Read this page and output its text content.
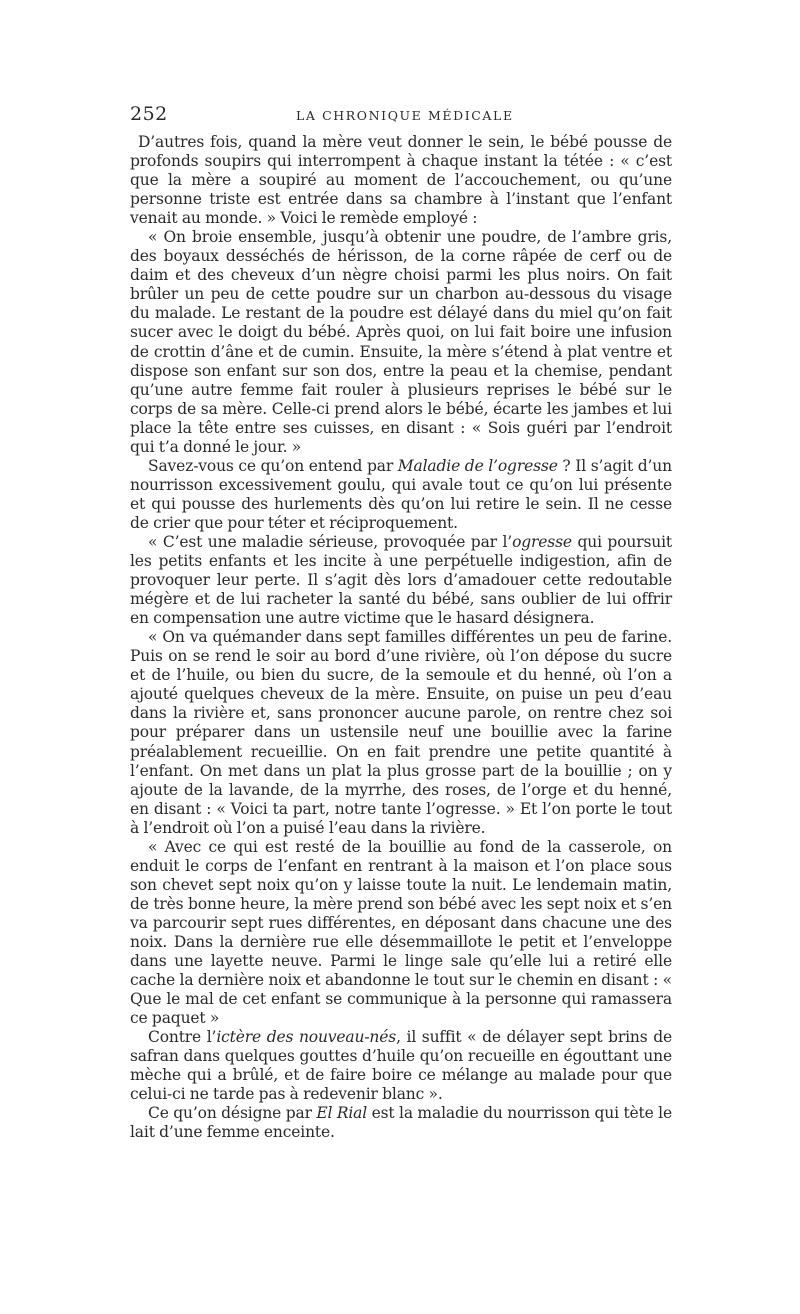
252	LA CHRONIQUE MÉDICALE

D’autres fois, quand la mère veut donner le sein, le bébé pousse de profonds soupirs qui interrompent à chaque instant la tétée : « c’est que la mère a soupiré au moment de l’accouchement, ou qu’une personne triste est entrée dans sa chambre à l’instant que l’enfant venait au monde. » Voici le remède employé :

« On broie ensemble, jusqu’à obtenir une poudre, de l’ambre gris, des boyaux desséchés de hérisson, de la corne râpée de cerf ou de daim et des cheveux d’un nègre choisi parmi les plus noirs. On fait brûler un peu de cette poudre sur un charbon au-dessous du visage du malade. Le restant de la poudre est délayé dans du miel qu’on fait sucer avec le doigt du bébé. Après quoi, on lui fait boire une infusion de crottin d’âne et de cumin. Ensuite, la mère s’étend à plat ventre et dispose son enfant sur son dos, entre la peau et la chemise, pendant qu’une autre femme fait rouler à plusieurs reprises le bébé sur le corps de sa mère. Celle-ci prend alors le bébé, écarte les jambes et lui place la tête entre ses cuisses, en disant : « Sois guéri par l’endroit qui t’a donné le jour. »

Savez-vous ce qu’on entend par Maladie de l’ogresse ? Il s’agit d’un nourrisson excessivement goulu, qui avale tout ce qu’on lui présente et qui pousse des hurlements dès qu’on lui retire le sein. Il ne cesse de crier que pour téter et réciproquement.

« C’est une maladie sérieuse, provoquée par l’ogresse qui poursuit les petits enfants et les incite à une perpétuelle indigestion, afin de provoquer leur perte. Il s’agit dès lors d’amadouer cette redoutable mégère et de lui racheter la santé du bébé, sans oublier de lui offrir en compensation une autre victime que le hasard désignera.

« On va quémander dans sept familles différentes un peu de farine. Puis on se rend le soir au bord d’une rivière, où l’on dépose du sucre et de l’huile, ou bien du sucre, de la semoule et du henné, où l’on a ajouté quelques cheveux de la mère. Ensuite, on puise un peu d’eau dans la rivière et, sans prononcer aucune parole, on rentre chez soi pour préparer dans un ustensile neuf une bouillie avec la farine préalablement recueillie. On en fait prendre une petite quantité à l’enfant. On met dans un plat la plus grosse part de la bouillie ; on y ajoute de la lavande, de la myrrhe, des roses, de l’orge et du henné, en disant : « Voici ta part, notre tante l’ogresse. » Et l’on porte le tout à l’endroit où l’on a puisé l’eau dans la rivière.

« Avec ce qui est resté de la bouillie au fond de la casserole, on enduit le corps de l’enfant en rentrant à la maison et l’on place sous son chevet sept noix qu’on y laisse toute la nuit. Le lendemain matin, de très bonne heure, la mère prend son bébé avec les sept noix et s’en va parcourir sept rues différentes, en déposant dans chacune une des noix. Dans la dernière rue elle désemmaillote le petit et l’enveloppe dans une layette neuve. Parmi le linge sale qu’elle lui a retiré elle cache la dernière noix et abandonne le tout sur le chemin en disant : « Que le mal de cet enfant se communique à la personne qui ramassera ce paquet »

Contre l’ictère des nouveau-nés, il suffit « de délayer sept brins de safran dans quelques gouttes d’huile qu’on recueille en égouttant une mèche qui a brûlé, et de faire boire ce mélange au malade pour que celui-ci ne tarde pas à redevenir blanc ».

Ce qu’on désigne par El Rial est la maladie du nourrisson qui tète le lait d’une femme enceinte.
